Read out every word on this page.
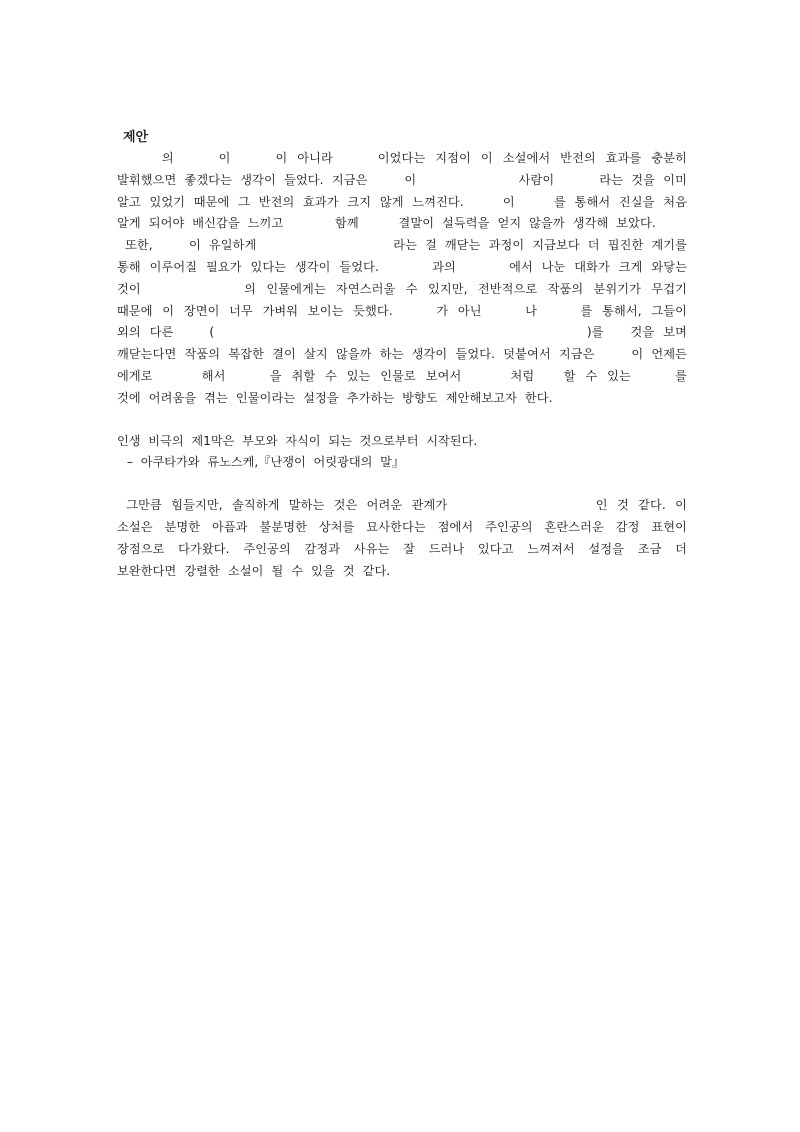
제안

의         이         이  아니라         이었다는  지점이  이  소설에서  반전의  효과를  충분히  발휘했으면  좋겠다는  생각이  들었다.  지금은         이                         사람이           라는  것을  이미  알고  있었기  때문에  그  반전의  효과가  크지  않게  느껴진다.         이         를  통해서  진실을  처음  알게  되어야  배신감을  느끼고             함께          결말이  설득력을  얻지  않을까  생각해  보았다.

또한,         이  유일하게                                  라는  걸  깨닫는  과정이  지금보다  더  핍진한  계기를  통해  이루어질  필요가  있다는  생각이  들었다.            과의            에서  나눈  대화가  크게  와닿는  것이                    의  인물에게는  자연스러울  수  있지만,  전반적으로  작품의  분위기가  무겁기  때문에  이  장면이  너무  가벼워  보이는  듯했다.         가  아닌         나         를  통해서,  그들이          외의  다른        (                                                                                   )를      것을  보며  깨닫는다면  작품의  복잡한  결이  살지  않을까  하는  생각이  들었다.  덧붙여서  지금은         이  언제든            에게로          해서         을  취할  수  있는  인물로  보여서          처럼      할  수  있는         를           것에  어려움을  겪는  인물이라는  설정을  추가하는  방향도  제안해보고자  한다.

인생  비극의  제1막은  부모와  자식이  되는  것으로부터  시작된다.

–  아쿠타가와  류노스케,『난쟁이  어릿광대의  말』

그만큼  힘들지만,  솔직하게  말하는  것은  어려운  관계가                                인  것  같다.  이  소설은  분명한  아픔과  불분명한  상처를  묘사한다는  점에서  주인공의  혼란스러운  감정  표현이  장점으로  다가왔다.  주인공의  감정과  사유는  잘  드러나  있다고  느껴져서  설정을  조금  더  보완한다면  강렬한  소설이  될  수  있을  것  같다.
